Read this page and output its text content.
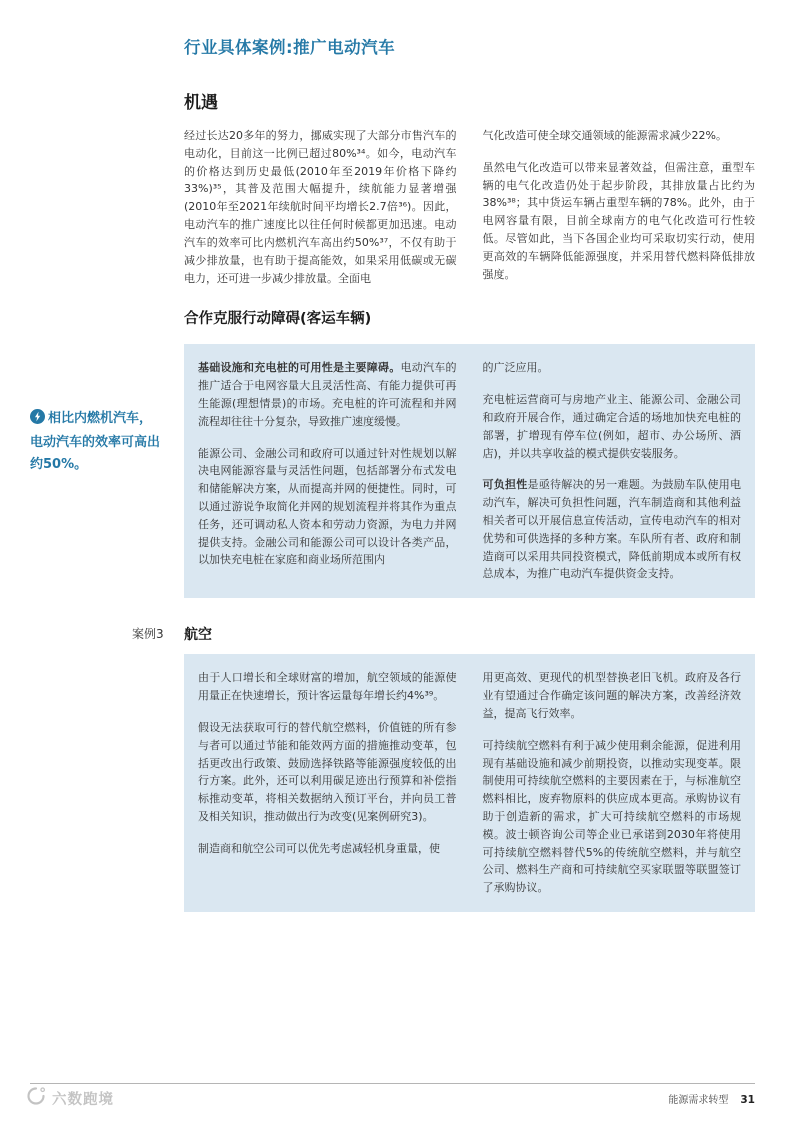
相比内燃机汽车，电动汽车的效率可高出约50%。
行业具体案例:推广电动汽车
机遇

经过长达20多年的努力，挪威实现了大部分市售汽车的电动化，目前这一比例已超过80%³⁴。如今，电动汽车的价格达到历史最低(2010年至2019年价格下降约33%)³⁵，其普及范围大幅提升，续航能力显著增强(2010年至2021年续航时间平均增长2.7倍³⁶)。因此，电动汽车的推广速度比以往任何时候都更加迅速。电动汽车的效率可比内燃机汽车高出约50%³⁷，不仅有助于减少排放量，也有助于提高能效，如果采用低碳或无碳电力，还可进一步减少排放量。全面电

气化改造可使全球交通领域的能源需求减少22%。

虽然电气化改造可以带来显著效益，但需注意，重型车辆的电气化改造仍处于起步阶段，其排放量占比约为38%³⁸；其中货运车辆占重型车辆的78%。此外，由于电网容量有限，目前全球南方的电气化改造可行性较低。尽管如此，当下各国企业均可采取切实行动，使用更高效的车辆降低能源强度，并采用替代燃料降低排放强度。

合作克服行动障碍(客运车辆)

基础设施和充电桩的可用性是主要障碍。电动汽车的推广适合于电网容量大且灵活性高、有能力提供可再生能源(理想情景)的市场。充电桩的许可流程和并网流程却往往十分复杂，导致推广速度缓慢。

能源公司、金融公司和政府可以通过针对性规划以解决电网能源容量与灵活性问题，包括部署分布式发电和储能解决方案，从而提高并网的便捷性。同时，可以通过游说争取简化并网的规划流程并将其作为重点任务，还可调动私人资本和劳动力资源，为电力并网提供支持。金融公司和能源公司可以设计各类产品，以加快充电桩在家庭和商业场所范围内

的广泛应用。

充电桩运营商可与房地产业主、能源公司、金融公司和政府开展合作，通过确定合适的场地加快充电桩的部署，扩增现有停车位(例如，超市、办公场所、酒店)，并以共享收益的模式提供安装服务。

可负担性是亟待解决的另一难题。为鼓励车队使用电动汽车，解决可负担性问题，汽车制造商和其他利益相关者可以开展信息宣传活动，宣传电动汽车的相对优势和可供选择的多种方案。车队所有者、政府和制造商可以采用共同投资模式，降低前期成本或所有权总成本，为推广电动汽车提供资金支持。

案例3 航空

由于人口增长和全球财富的增加，航空领域的能源使用量正在快速增长，预计客运量每年增长约4%³⁹。

假设无法获取可行的替代航空燃料，价值链的所有参与者可以通过节能和能效两方面的措施推动变革，包括更改出行政策、鼓励选择铁路等能源强度较低的出行方案。此外，还可以利用碳足迹出行预算和补偿指标推动变革，将相关数据纳入预订平台，并向员工普及相关知识，推动做出行为改变(见案例研究3)。

制造商和航空公司可以优先考虑减轻机身重量，使

用更高效、更现代的机型替换老旧飞机。政府及各行业有望通过合作确定该问题的解决方案，改善经济效益，提高飞行效率。

可持续航空燃料有利于减少使用剩余能源，促进利用现有基础设施和减少前期投资，以推动实现变革。限制使用可持续航空燃料的主要因素在于，与标准航空燃料相比，废弃物原料的供应成本更高。承购协议有助于创造新的需求，扩大可持续航空燃料的市场规模。波士顿咨询公司等企业已承诺到2030年将使用可持续航空燃料替代5%的传统航空燃料，并与航空公司、燃料生产商和可持续航空买家联盟等联盟签订了承购协议。

能源需求转型 31
六数跑境
